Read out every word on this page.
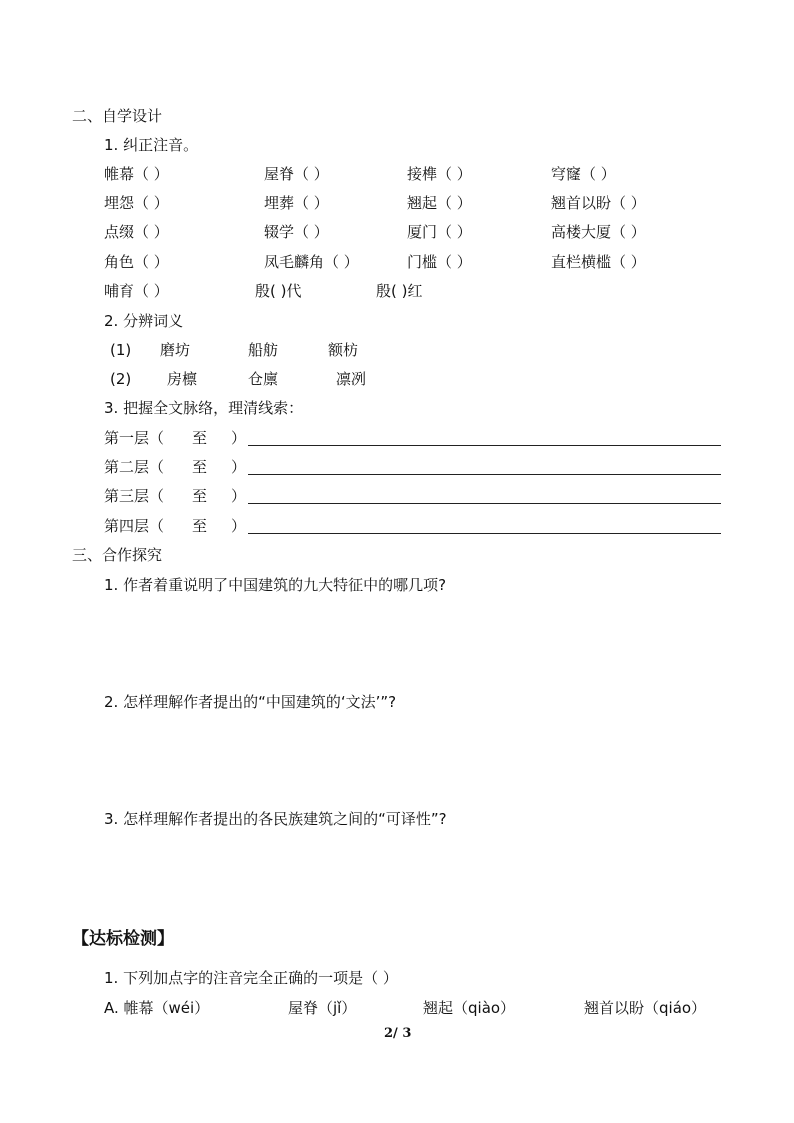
二、自学设计
1. 纠正注音。
帷幕（ ）	屋脊（ ）	接榫（ ）	穹窿（ ）
埋怨（ ）	埋葬（ ）	翘起（ ）	翘首以盼（ ）
点缀（ ）	辍学（ ）	厦门（ ）	高楼大厦（ ）
角色（ ）	凤毛麟角（ ）	门槛（ ）	直栏横槛（ ）
哺育（ ）	殷( )代	殷( )红
2. 分辨词义
(1) 磨坊	船舫	额枋
(2) 房檩	仓廪	凛冽
3. 把握全文脉络，理清线索：
第一层（ 至 ）
第二层（ 至 ）
第三层（ 至 ）
第四层（ 至 ）
三、合作探究
1. 作者着重说明了中国建筑的九大特征中的哪几项?
2. 怎样理解作者提出的“中国建筑的‘文法’”?
3. 怎样理解作者提出的各民族建筑之间的“可译性”?
【达标检测】
1. 下列加点字的注音完全正确的一项是（ ）
A. 帷幕（wéi）	屋脊（jǐ）	翘起（qiào）	翘首以盼（qiáo）
2/ 3
